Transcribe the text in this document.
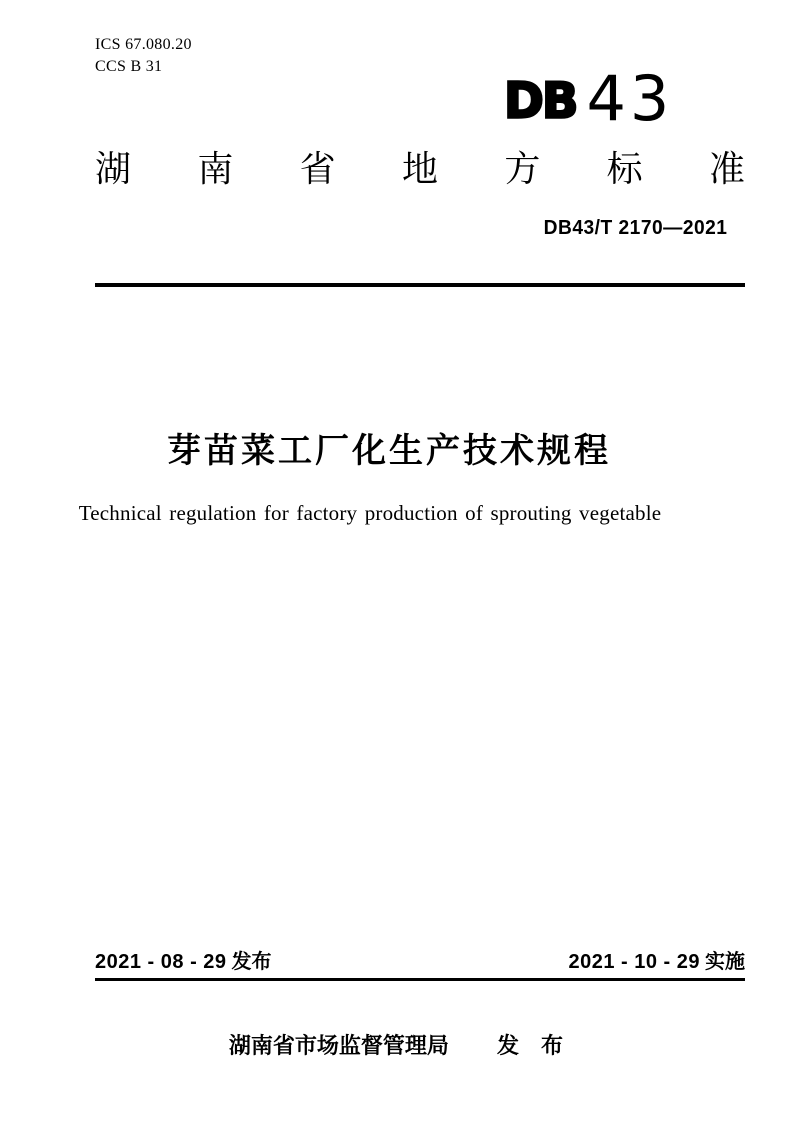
ICS 67.080.20
CCS B 31
DB 43
湖 南 省 地 方 标 准
DB43/T 2170—2021
芽苗菜工厂化生产技术规程
Technical regulation for factory production of sprouting vegetable
2021 - 08 - 29 发布	2021 - 10 - 29 实施
湖南省市场监督管理局 发 布
